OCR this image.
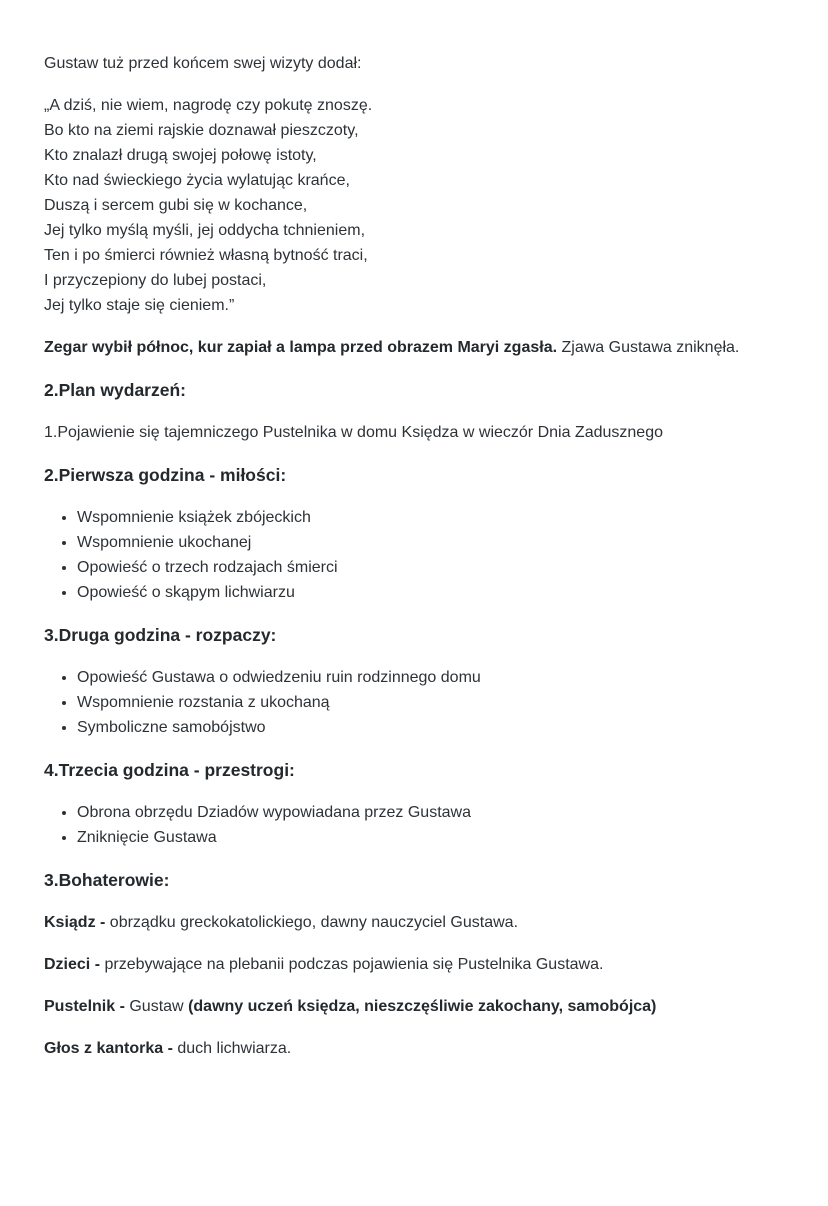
Gustaw tuż przed końcem swej wizyty dodał:

„A dziś, nie wiem, nagrodę czy pokutę znoszę.
Bo kto na ziemi rajskie doznawał pieszczoty,
Kto znalazł drugą swojej połowę istoty,
Kto nad świeckiego życia wylatując krańce,
Duszą i sercem gubi się w kochance,
Jej tylko myślą myśli, jej oddycha tchnieniem,
Ten i po śmierci również własną bytność traci,
I przyczepiony do lubej postaci,
Jej tylko staje się cieniem.”

Zegar wybił północ, kur zapiał a lampa przed obrazem Maryi zgasła. Zjawa Gustawa zniknęła.

2.Plan wydarzeń:

1.Pojawienie się tajemniczego Pustelnika w domu Księdza w wieczór Dnia Zadusznego

2.Pierwsza godzina - miłości:

• Wspomnienie książek zbójeckich
• Wspomnienie ukochanej
• Opowieść o trzech rodzajach śmierci
• Opowieść o skąpym lichwiarzu

3.Druga godzina - rozpaczy:

• Opowieść Gustawa o odwiedzeniu ruin rodzinnego domu
• Wspomnienie rozstania z ukochaną
• Symboliczne samobójstwo

4.Trzecia godzina - przestrogi:

• Obrona obrzędu Dziadów wypowiadana przez Gustawa
• Zniknięcie Gustawa

3.Bohaterowie:

Ksiądz - obrządku greckokatolickiego, dawny nauczyciel Gustawa.

Dzieci - przebywające na plebanii podczas pojawienia się Pustelnika Gustawa.

Pustelnik - Gustaw (dawny uczeń księdza, nieszczęśliwie zakochany, samobójca)

Głos z kantorka - duch lichwiarza.
